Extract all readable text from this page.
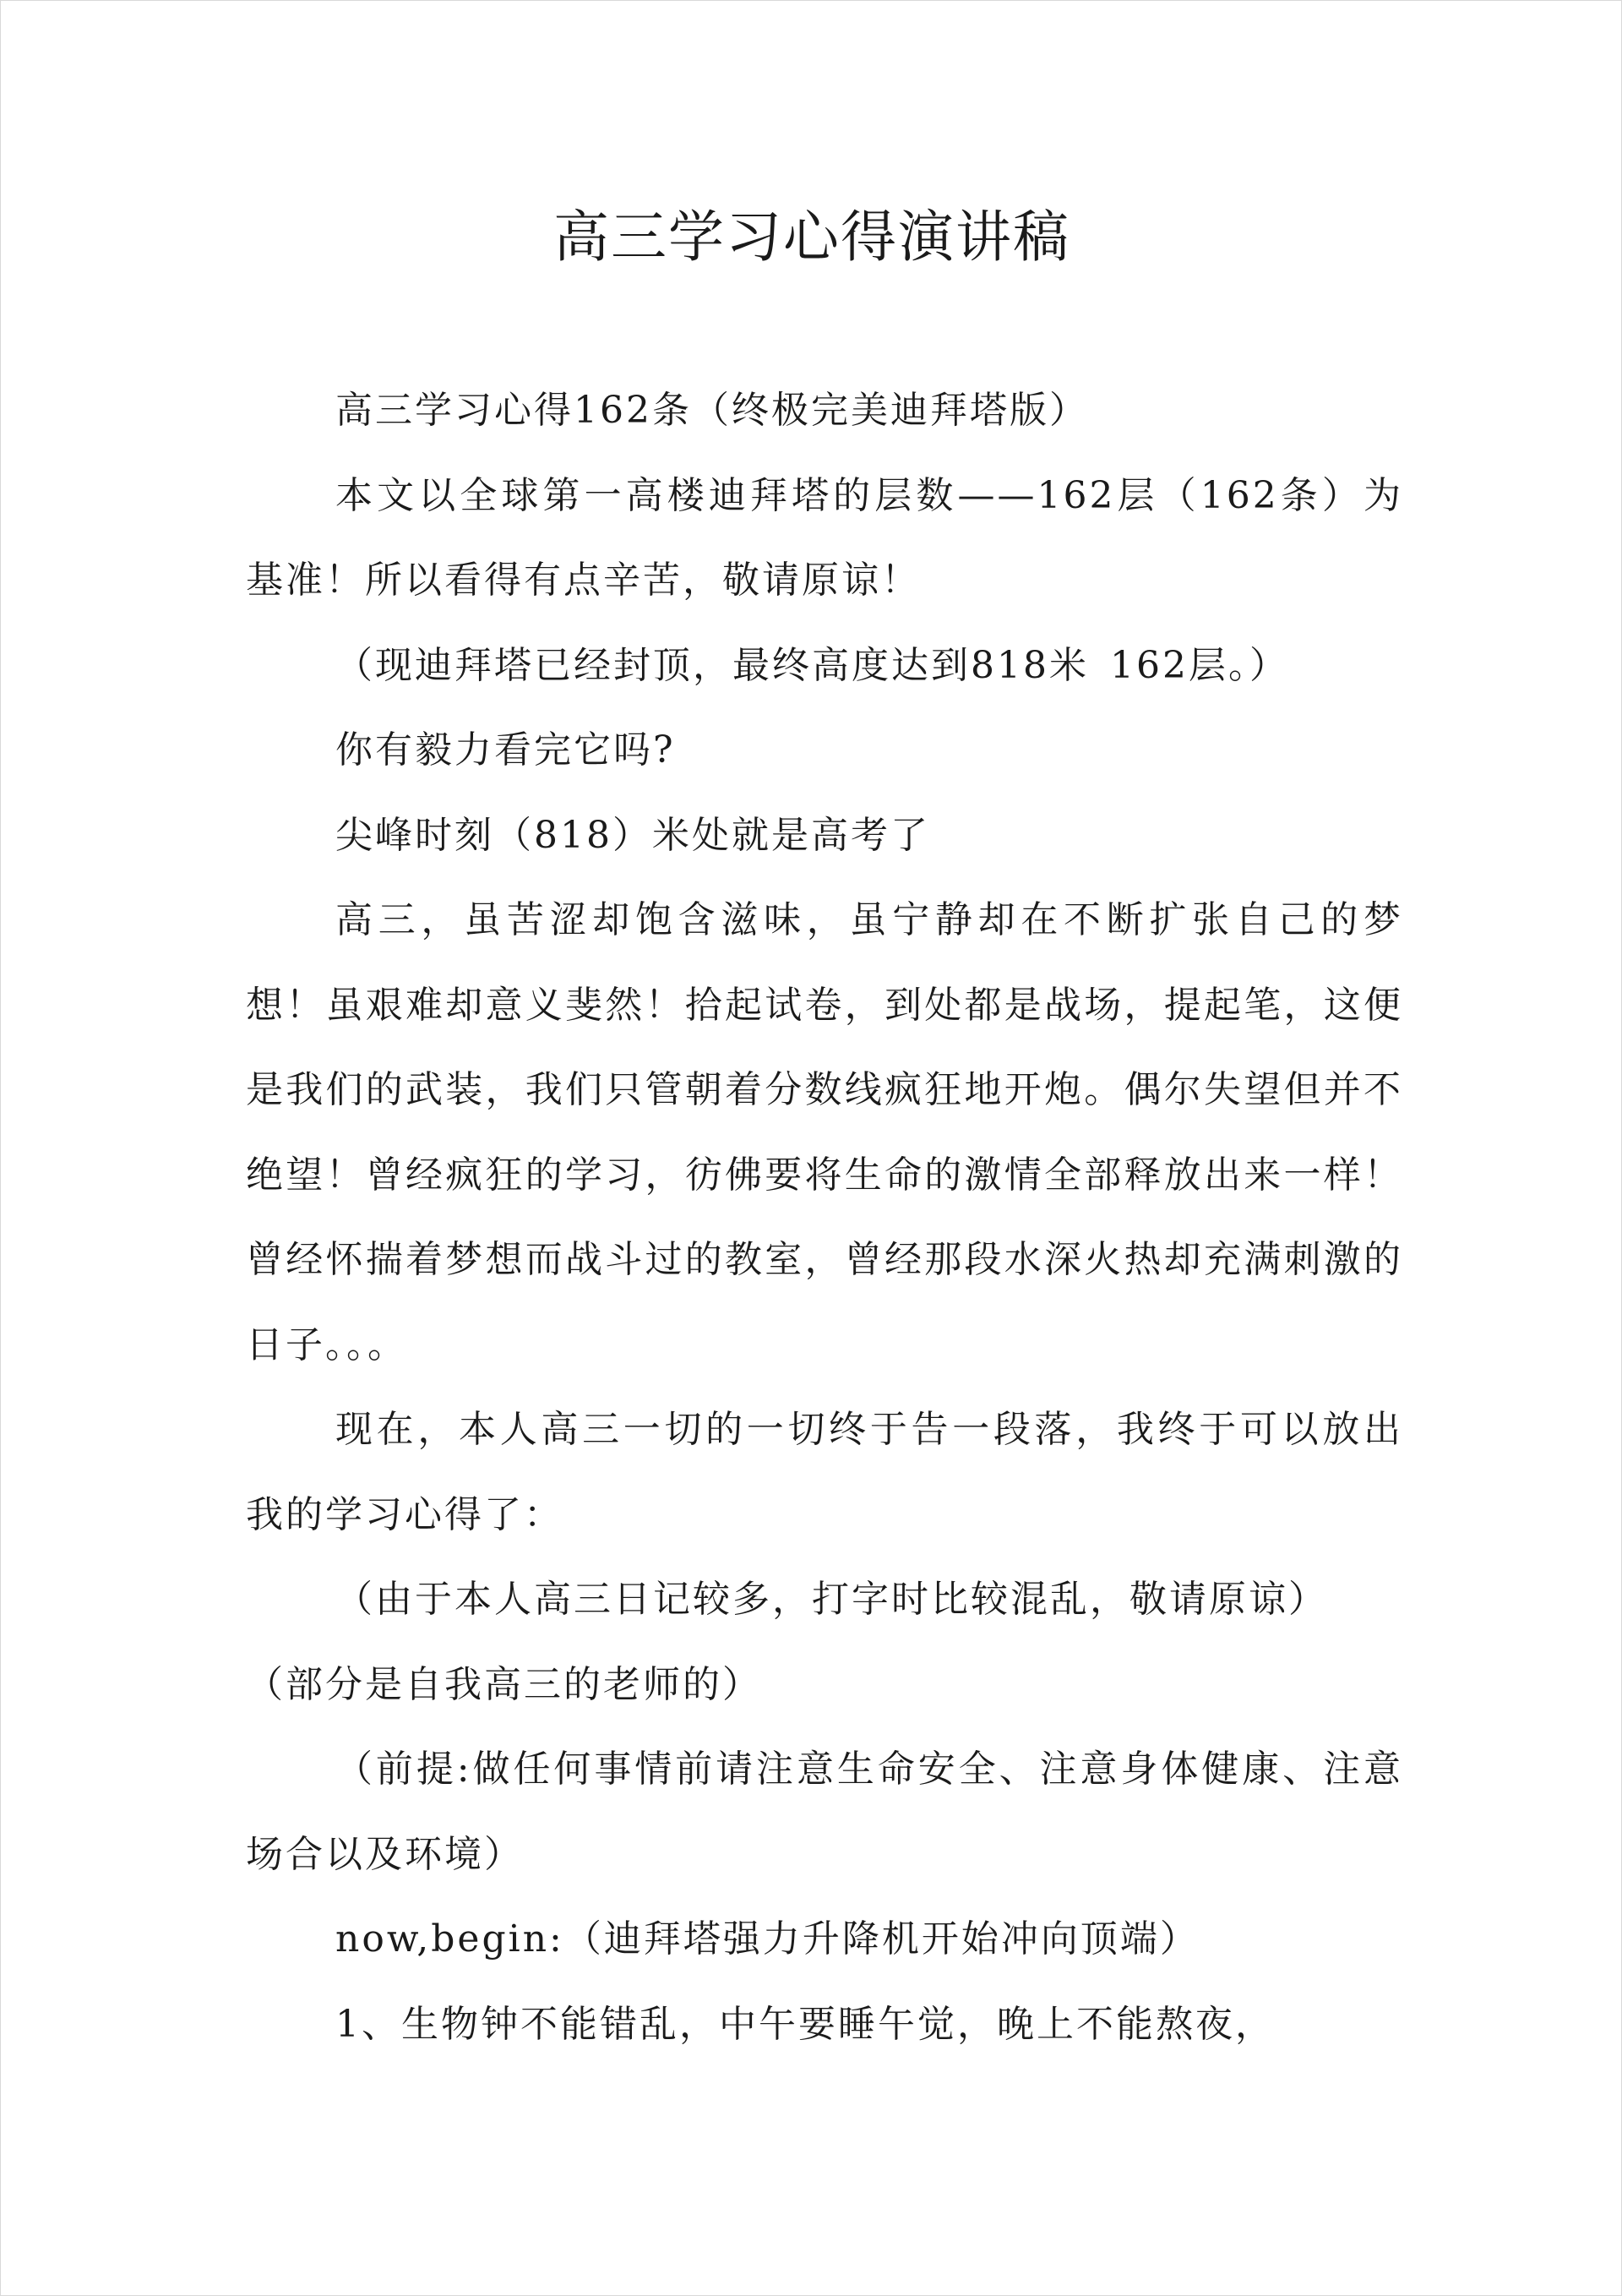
高三学习心得演讲稿

高三学习心得162条（终极完美迪拜塔版）

本文以全球第一高楼迪拜塔的层数——162层（162条）为基准！所以看得有点辛苦，敬请原谅！

（现迪拜塔已经封顶，最终高度达到818米 162层。）

你有毅力看完它吗?

尖峰时刻（818）米处就是高考了

高三，虽苦涩却饱含滋味，虽宁静却在不断扩张自己的梦想！虽艰难却意义斐然！拾起试卷，到处都是战场，提起笔，这便是我们的武装，我们只管朝着分数线疯狂地开炮。偶尔失望但并不绝望！曾经疯狂的学习，彷佛要将生命的激情全部释放出来一样！曾经怀揣着梦想而战斗过的教室，曾经那段水深火热却充满刺激的日子。。。

现在，本人高三一切的一切终于告一段落，我终于可以放出我的学习心得了：

（由于本人高三日记较多，打字时比较混乱，敬请原谅）

（部分是自我高三的老师的）

（前提:做任何事情前请注意生命安全、注意身体健康、注意场合以及环境）

now,begin:（迪拜塔强力升降机开始冲向顶端）

1、生物钟不能错乱，中午要睡午觉，晚上不能熬夜，
